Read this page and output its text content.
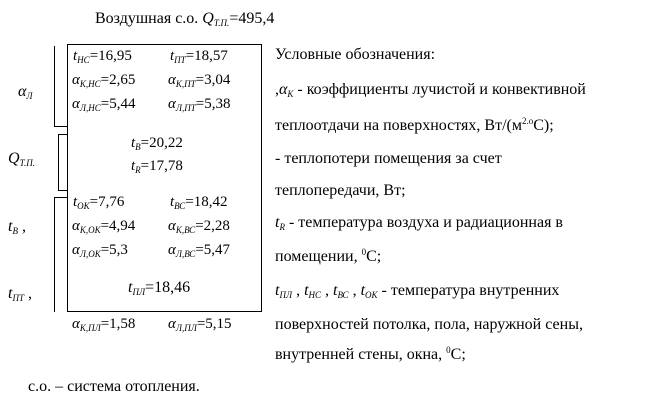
Воздушная с.о. $Q_{Т.П.}=495,4$
$\alpha_Л$
$Q_{Т.П.}$
$t_В$ ,
$t_{ПТ}$ ,
$t_{НС}=16,95$	$t_{ПТ}=18,57$
$\alpha_{К,НС}=2,65$ $\alpha_{К,ПТ}=3,04$
$\alpha_{Л,НС}=5,44$ $\alpha_{Л,ПТ}=5,38$
$t_В=20,22$
$t_R=17,78$
$t_{ОК}=7,76$	$t_{ВС}=18,42$
$\alpha_{К,ОК}=4,94$ $\alpha_{К,ВС}=2,28$
$\alpha_{Л,ОК}=5,3$	$\alpha_{Л,ВС}=5,47$
$t_{ПЛ}=18,46$
$\alpha_{К,ПЛ}=1,58$ $\alpha_{Л,ПЛ}=5,15$
Условные обозначения:
$,\alpha_К$ - коэффициенты лучистой и конвективной
теплоотдачи на поверхностях, $Вт/(м^{2.о}С)$;
- теплопотери помещения за счет
теплопередачи, Вт;
$t_R$ - температура воздуха и радиационная в
помещении, $^0$С;
$t_{ПЛ}$ , $t_{НС}$ , $t_{ВС}$ , $t_{ОК}$ - температура внутренних
поверхностей потолка, пола, наружной сены,
внутренней стены, окна, $^0$С;
с.о. – система отопления.
